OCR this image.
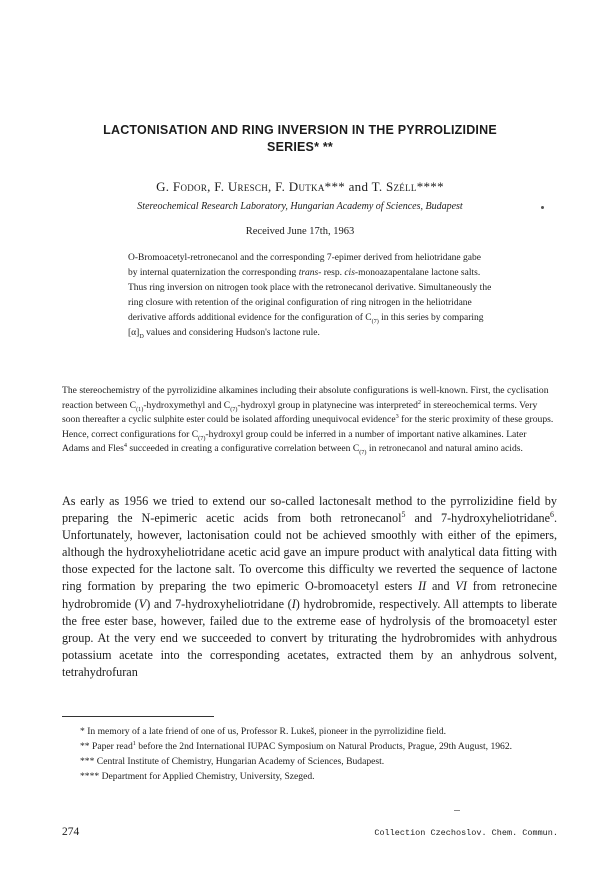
LACTONISATION AND RING INVERSION IN THE PYRROLIZIDINE
SERIES* **
G. Fodor, F. Uresch, F. Dutka*** and T. Széll****
Stereochemical Research Laboratory, Hungarian Academy of Sciences, Budapest
Received June 17th, 1963

O-Bromoacetyl-retronecanol and the corresponding 7-epimer derived from heliotridane gabe by internal quaternization the corresponding trans- resp. cis-monoazapentalane lactone salts. Thus ring inversion on nitrogen took place with the retronecanol derivative. Simultaneously the ring closure with retention of the original configuration of ring nitrogen in the heliotridane derivative affords additional evidence for the configuration of $C_{(7)}$ in this series by comparing $[\alpha]_D$ values and considering Hudson's lactone rule.

The stereochemistry of the pyrrolizidine alkamines including their absolute configurations is well-known. First, the cyclisation reaction between $C_{(1)}$-hydroxymethyl and $C_{(7)}$-hydroxyl group in platynecine was interpreted$^2$ in stereochemical terms. Very soon thereafter a cyclic sulphite ester could be isolated affording unequivocal evidence$^3$ for the steric proximity of these groups. Hence, correct configurations for $C_{(7)}$-hydroxyl group could be inferred in a number of important native alkamines. Later Adams and Fles$^4$ succeeded in creating a configurative correlation between $C_{(7)}$ in retronecanol and natural amino acids.

As early as 1956 we tried to extend our so-called lactonesalt method to the pyrrolizidine field by preparing the N-epimeric acetic acids from both retronecanol$^5$ and 7-hydroxyheliotridane$^6$. Unfortunately, however, lactonisation could not be achieved smoothly with either of the epimers, although the hydroxyheliotridane acetic acid gave an impure product with analytical data fitting with those expected for the lactone salt. To overcome this difficulty we reverted the sequence of lactone ring formation by preparing the two epimeric O-bromoacetyl esters II and VI from retronecine hydrobromide (V) and 7-hydroxyheliotridane (I) hydrobromide, respectively. All attempts to liberate the free ester base, however, failed due to the extreme ease of hydrolysis of the bromoacetyl ester group. At the very end we succeeded to convert by triturating the hydrobromides with anhydrous potassium acetate into the corresponding acetates, extracted them by an anhydrous solvent, tetrahydrofuran

* In memory of a late friend of one of us, Professor R. Lukeš, pioneer in the pyrrolizidine field.

** Paper read$^1$ before the 2nd International IUPAC Symposium on Natural Products, Prague, 29th August, 1962.

*** Central Institute of Chemistry, Hungarian Academy of Sciences, Budapest.

**** Department for Applied Chemistry, University, Szeged.

274	Collection Czechoslov. Chem. Commun.
